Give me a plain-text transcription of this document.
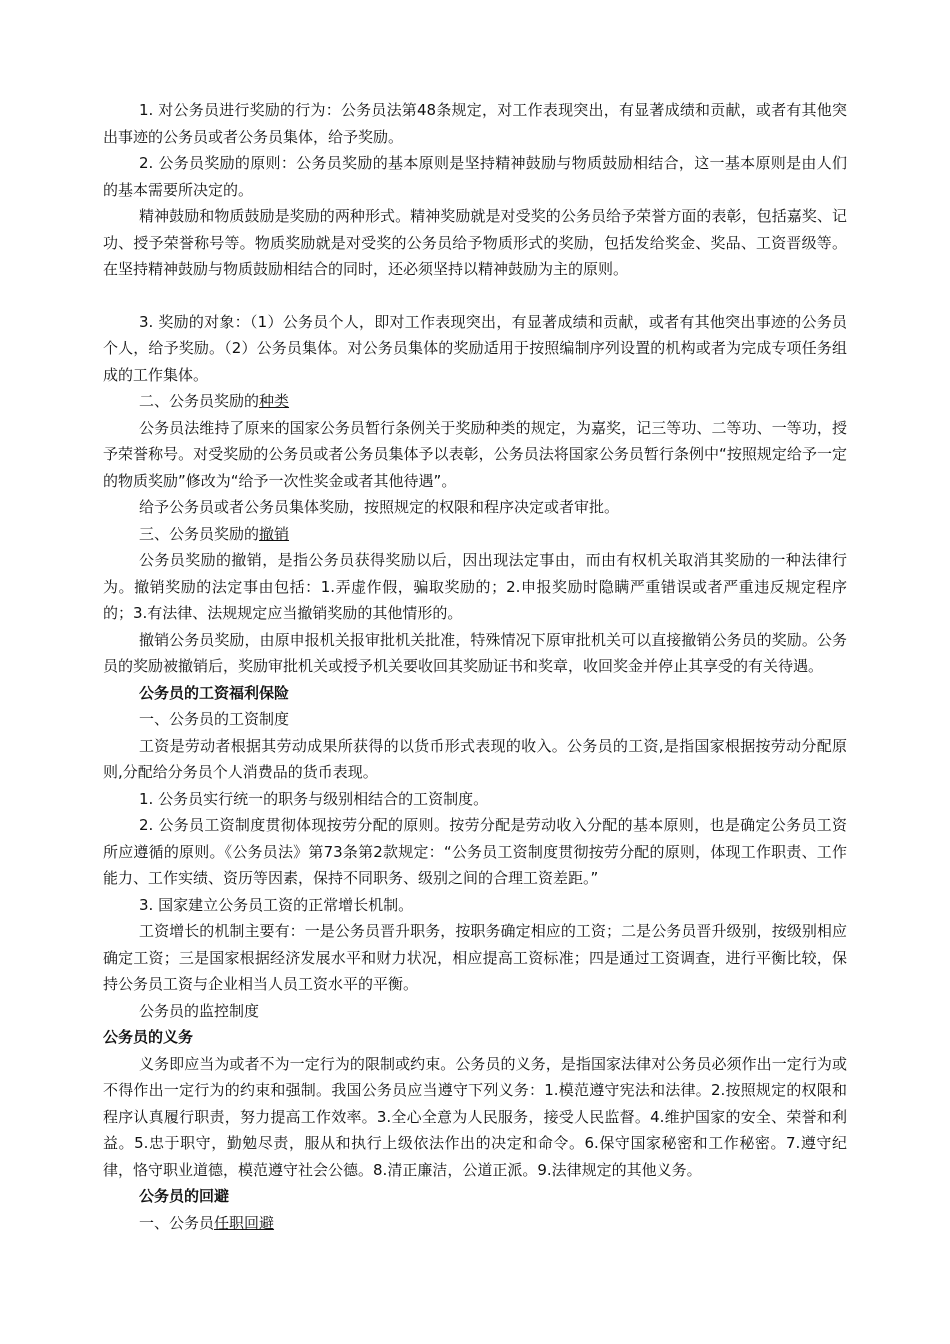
1. 对公务员进行奖励的行为：公务员法第48条规定，对工作表现突出，有显著成绩和贡献，或者有其他突出事迹的公务员或者公务员集体，给予奖励。

2. 公务员奖励的原则：公务员奖励的基本原则是坚持精神鼓励与物质鼓励相结合，这一基本原则是由人们的基本需要所决定的。

精神鼓励和物质鼓励是奖励的两种形式。精神奖励就是对受奖的公务员给予荣誉方面的表彰，包括嘉奖、记功、授予荣誉称号等。物质奖励就是对受奖的公务员给予物质形式的奖励，包括发给奖金、奖品、工资晋级等。在坚持精神鼓励与物质鼓励相结合的同时，还必须坚持以精神鼓励为主的原则。

3. 奖励的对象：（1）公务员个人，即对工作表现突出，有显著成绩和贡献，或者有其他突出事迹的公务员个人，给予奖励。（2）公务员集体。对公务员集体的奖励适用于按照编制序列设置的机构或者为完成专项任务组成的工作集体。

二、公务员奖励的种类

公务员法维持了原来的国家公务员暂行条例关于奖励种类的规定，为嘉奖，记三等功、二等功、一等功，授予荣誉称号。对受奖励的公务员或者公务员集体予以表彰，公务员法将国家公务员暂行条例中“按照规定给予一定的物质奖励”修改为“给予一次性奖金或者其他待遇”。

给予公务员或者公务员集体奖励，按照规定的权限和程序决定或者审批。

三、公务员奖励的撤销

公务员奖励的撤销，是指公务员获得奖励以后，因出现法定事由，而由有权机关取消其奖励的一种法律行为。撤销奖励的法定事由包括：1.弄虚作假，骗取奖励的；2.申报奖励时隐瞒严重错误或者严重违反规定程序的；3.有法律、法规规定应当撤销奖励的其他情形的。

撤销公务员奖励，由原申报机关报审批机关批准，特殊情况下原审批机关可以直接撤销公务员的奖励。公务员的奖励被撤销后，奖励审批机关或授予机关要收回其奖励证书和奖章，收回奖金并停止其享受的有关待遇。

公务员的工资福利保险

一、公务员的工资制度

工资是劳动者根据其劳动成果所获得的以货币形式表现的收入。公务员的工资,是指国家根据按劳动分配原则,分配给分务员个人消费品的货币表现。

1. 公务员实行统一的职务与级别相结合的工资制度。

2. 公务员工资制度贯彻体现按劳分配的原则。按劳分配是劳动收入分配的基本原则，也是确定公务员工资所应遵循的原则。《公务员法》第73条第2款规定：“公务员工资制度贯彻按劳分配的原则，体现工作职责、工作能力、工作实绩、资历等因素，保持不同职务、级别之间的合理工资差距。”

3. 国家建立公务员工资的正常增长机制。

工资增长的机制主要有：一是公务员晋升职务，按职务确定相应的工资；二是公务员晋升级别，按级别相应确定工资；三是国家根据经济发展水平和财力状况，相应提高工资标准；四是通过工资调查，进行平衡比较，保持公务员工资与企业相当人员工资水平的平衡。

公务员的监控制度

公务员的义务

义务即应当为或者不为一定行为的限制或约束。公务员的义务，是指国家法律对公务员必须作出一定行为或不得作出一定行为的约束和强制。我国公务员应当遵守下列义务：1.模范遵守宪法和法律。2.按照规定的权限和程序认真履行职责，努力提高工作效率。3.全心全意为人民服务，接受人民监督。4.维护国家的安全、荣誉和利益。5.忠于职守，勤勉尽责，服从和执行上级依法作出的决定和命令。6.保守国家秘密和工作秘密。7.遵守纪律，恪守职业道德，模范遵守社会公德。8.清正廉洁，公道正派。9.法律规定的其他义务。

公务员的回避

一、公务员任职回避
